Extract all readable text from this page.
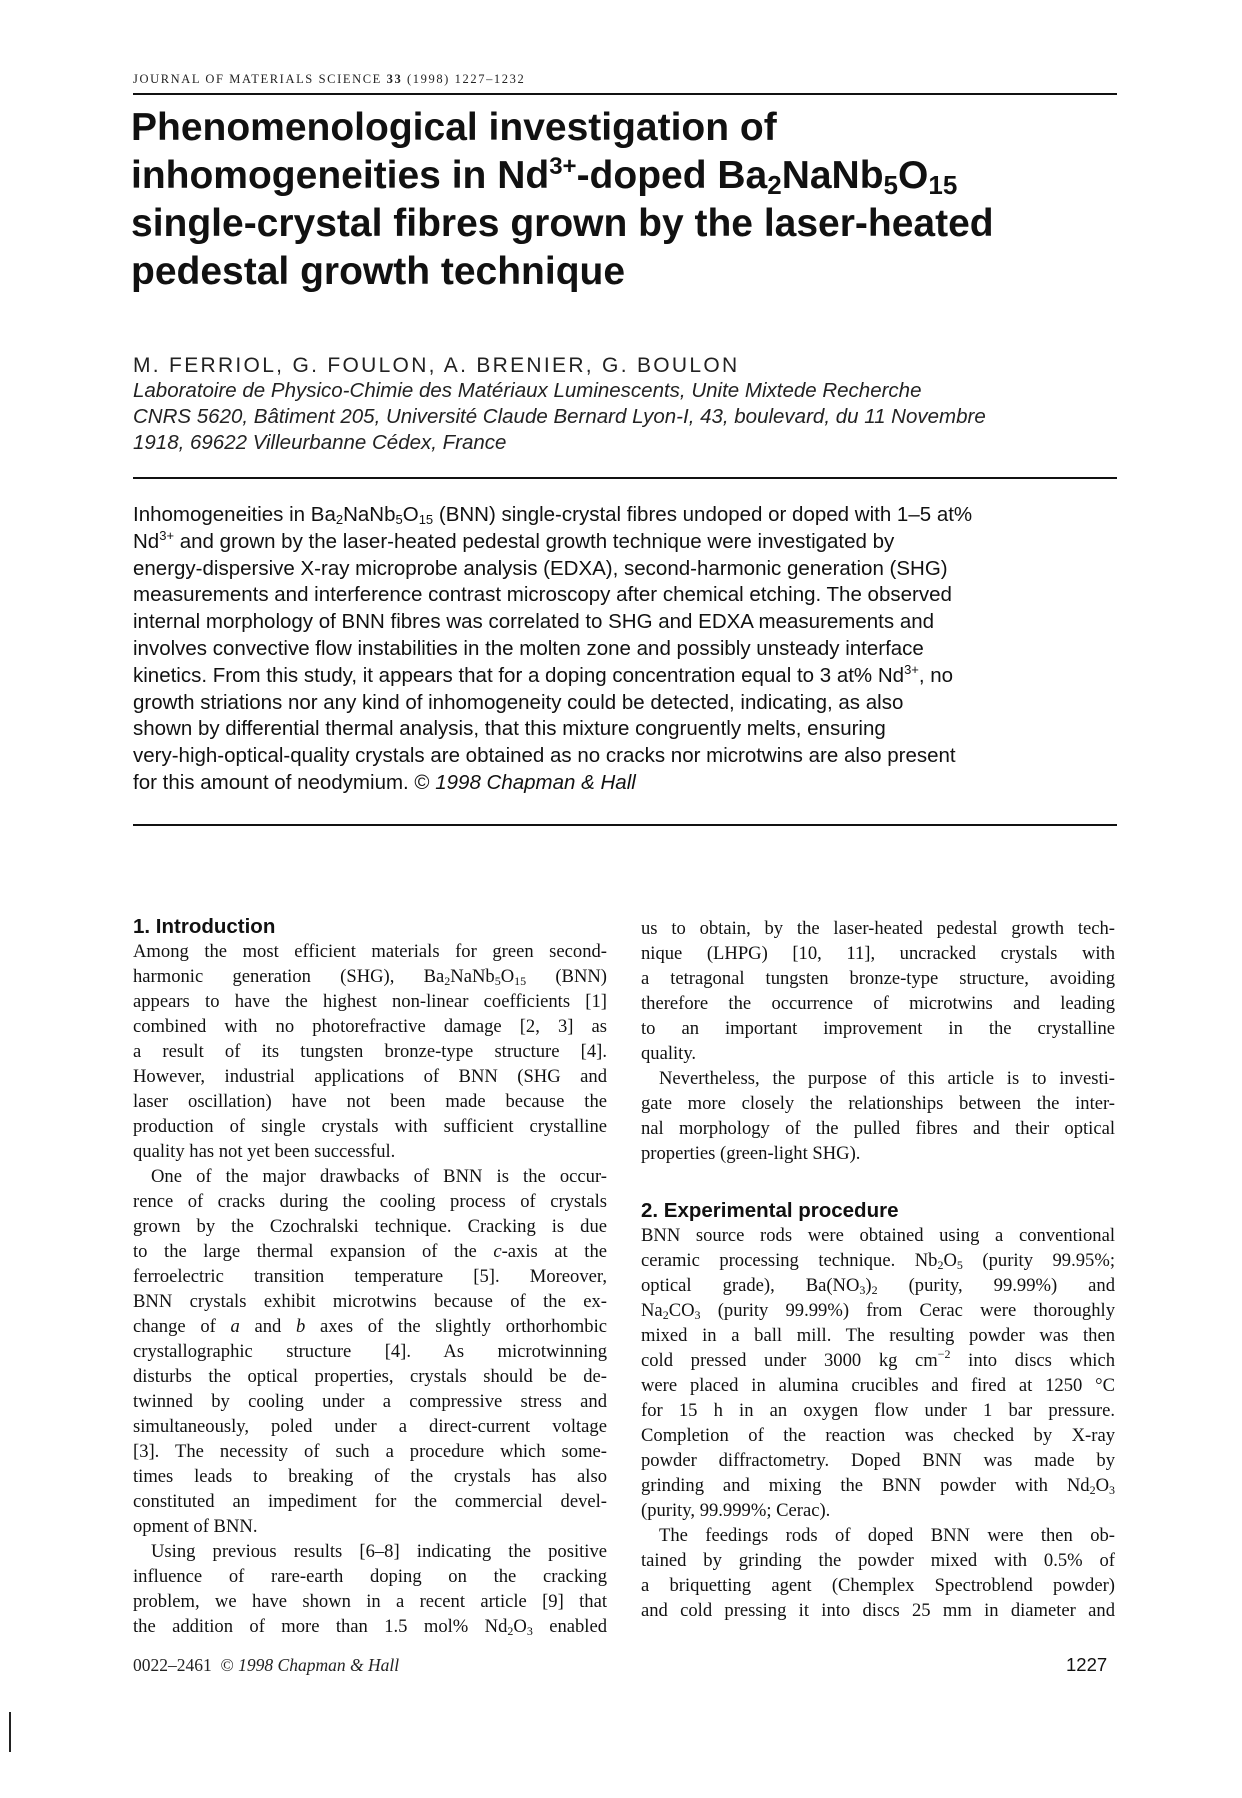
JOURNAL OF MATERIALS SCIENCE 33 (1998) 1227–1232
Phenomenological investigation of
inhomogeneities in $Nd^{3+}$-doped $Ba_2NaNb_5O_{15}$
single-crystal fibres grown by the laser-heated
pedestal growth technique
M. FERRIOL, G. FOULON, A. BRENIER, G. BOULON
Laboratoire de Physico-Chimie des Matériaux Luminescents, Unite Mixtede Recherche
CNRS 5620, Bâtiment 205, Université Claude Bernard Lyon-I, 43, boulevard, du 11 Novembre
1918, 69622 Villeurbanne Cédex, France
Inhomogeneities in $Ba_2NaNb_5O_{15}$ (BNN) single-crystal fibres undoped or doped with 1–5 at%
$Nd^{3+}$ and grown by the laser-heated pedestal growth technique were investigated by
energy-dispersive X-ray microprobe analysis (EDXA), second-harmonic generation (SHG)
measurements and interference contrast microscopy after chemical etching. The observed
internal morphology of BNN fibres was correlated to SHG and EDXA measurements and
involves convective flow instabilities in the molten zone and possibly unsteady interface
kinetics. From this study, it appears that for a doping concentration equal to 3 at% $Nd^{3+}$, no
growth striations nor any kind of inhomogeneity could be detected, indicating, as also
shown by differential thermal analysis, that this mixture congruently melts, ensuring
very-high-optical-quality crystals are obtained as no cracks nor microtwins are also present
for this amount of neodymium. © 1998 Chapman & Hall
1. Introduction
Among the most efficient materials for green second-
harmonic generation (SHG), $Ba_2NaNb_5O_{15}$ (BNN)
appears to have the highest non-linear coefficients [1]
combined with no photorefractive damage [2, 3] as
a result of its tungsten bronze-type structure [4].
However, industrial applications of BNN (SHG and
laser oscillation) have not been made because the
production of single crystals with sufficient crystalline
quality has not yet been successful.
One of the major drawbacks of BNN is the occur-
rence of cracks during the cooling process of crystals
grown by the Czochralski technique. Cracking is due
to the large thermal expansion of the c-axis at the
ferroelectric transition temperature [5]. Moreover,
BNN crystals exhibit microtwins because of the ex-
change of a and b axes of the slightly orthorhombic
crystallographic structure [4]. As microtwinning
disturbs the optical properties, crystals should be de-
twinned by cooling under a compressive stress and
simultaneously, poled under a direct-current voltage
[3]. The necessity of such a procedure which some-
times leads to breaking of the crystals has also
constituted an impediment for the commercial devel-
opment of BNN.
Using previous results [6–8] indicating the positive
influence of rare-earth doping on the cracking
problem, we have shown in a recent article [9] that
the addition of more than 1.5 mol% $Nd_2O_3$ enabled
us to obtain, by the laser-heated pedestal growth tech-
nique (LHPG) [10, 11], uncracked crystals with
a tetragonal tungsten bronze-type structure, avoiding
therefore the occurrence of microtwins and leading
to an important improvement in the crystalline
quality.
Nevertheless, the purpose of this article is to investi-
gate more closely the relationships between the inter-
nal morphology of the pulled fibres and their optical
properties (green-light SHG).
2. Experimental procedure
BNN source rods were obtained using a conventional
ceramic processing technique. $Nb_2O_5$ (purity 99.95%;
optical grade), $Ba(NO_3)_2$ (purity, 99.99%) and
$Na_2CO_3$ (purity 99.99%) from Cerac were thoroughly
mixed in a ball mill. The resulting powder was then
cold pressed under 3000 kg $cm^{-2}$ into discs which
were placed in alumina crucibles and fired at 1250 °C
for 15 h in an oxygen flow under 1 bar pressure.
Completion of the reaction was checked by X-ray
powder diffractometry. Doped BNN was made by
grinding and mixing the BNN powder with $Nd_2O_3$
(purity, 99.999%; Cerac).
The feedings rods of doped BNN were then ob-
tained by grinding the powder mixed with 0.5% of
a briquetting agent (Chemplex Spectroblend powder)
and cold pressing it into discs 25 mm in diameter and
0022–2461 © 1998 Chapman & Hall	1227
